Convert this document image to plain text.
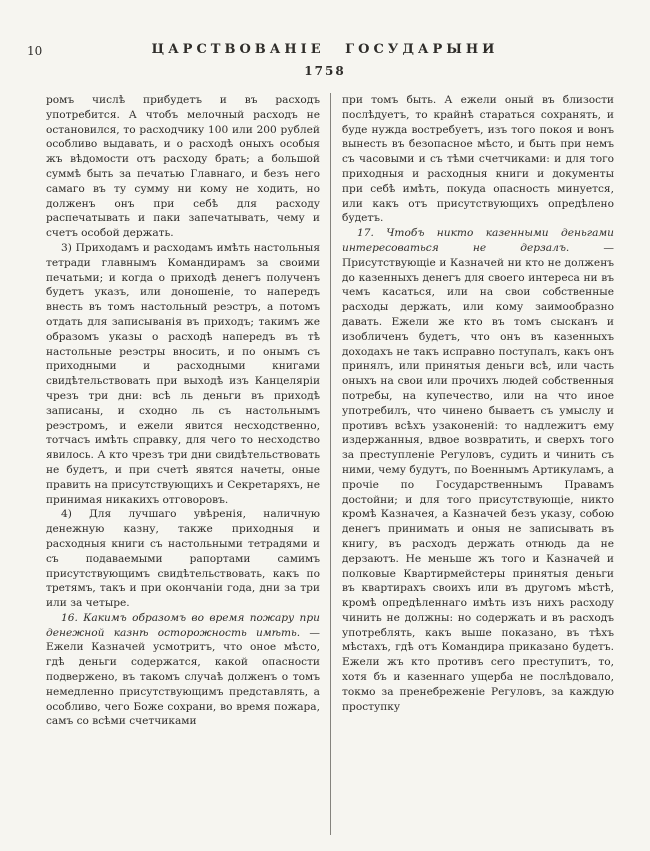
10	ЦАРСТВОВАНІЕ ГОСУДАРЫНИ
1758

ромъ числѣ прибудетъ и въ расходъ употребится. А чтобъ мелочный расходъ не остановился, то расходчику 100 или 200 рублей особливо выдавать, и о расходѣ оныхъ особыя жъ вѣдомости отъ расходу брать; а большой суммѣ быть за печатью Главнаго, и безъ него самаго въ ту сумму ни кому не ходить, но долженъ онъ при себѣ для расходу распечатывать и паки запечатывать, чему и счетъ особой держать.

3) Приходамъ и расходамъ имѣть настольныя тетради главнымъ Командирамъ за своими печатьми; и когда о приходѣ денегъ полученъ будетъ указъ, или доношеніе, то напередъ внесть въ томъ настольный реэстръ, а потомъ отдать для записыванія въ приходъ; такимъ же образомъ указы о расходѣ напередъ въ тѣ настольные реэстры вносить, и по онымъ съ приходными и расходными книгами свидѣтельствовать при выходѣ изъ Канцеляріи чрезъ три дни: всѣ ль деньги въ приходѣ записаны, и сходно ль съ настольнымъ реэстромъ, и ежели явится несходственно, тотчасъ имѣть справку, для чего то несходство явилось. А кто чрезъ три дни свидѣтельствовать не будетъ, и при счетѣ явятся начеты, оные править на присутствующихъ и Секретаряхъ, не принимая никакихъ отговоровъ.

4) Для лучшаго увѣренія, наличную денежную казну, также приходныя и расходныя книги съ настольными тетрадями и съ подаваемыми рапортами самимъ присутствующимъ свидѣтельствовать, какъ по третямъ, такъ и при окончаніи года, дни за три или за четыре.

16. Какимъ образомъ во время пожару при денежной казнѣ осторожность имѣть. — Ежели Казначей усмотритъ, что оное мѣсто, гдѣ деньги содержатся, какой опасности подвержено, въ такомъ случаѣ долженъ о томъ немедленно присутствующимъ представлять, а особливо, чего Боже сохрани, во время пожара, самъ со всѣми счетчиками

при томъ быть. А ежели оный въ близости послѣдуетъ, то крайнѣ стараться сохранять, и буде нужда востребуетъ, изъ того покоя и вонъ вынесть въ безопасное мѣсто, и быть при немъ съ часовыми и съ тѣми счетчиками: и для того приходныя и расходныя книги и документы при себѣ имѣть, покуда опасность минуется, или какъ отъ присутствующихъ опредѣлено будетъ.

17. Чтобъ никто казенными деньгами интересоваться не дерзалъ. — Присутствующіе и Казначей ни кто не долженъ до казенныхъ денегъ для своего интереса ни въ чемъ касаться, или на свои собственные расходы держать, или кому заимообразно давать. Ежели же кто въ томъ сысканъ и изобличенъ будетъ, что онъ въ казенныхъ доходахъ не такъ исправно поступалъ, какъ онъ принялъ, или принятыя деньги всѣ, или часть оныхъ на свои или прочихъ людей собственныя потребы, на купечество, или на что иное употребилъ, что чинено бываетъ съ умыслу и противъ всѣхъ узаконеній: то надлежитъ ему издержанныя, вдвое возвратить, и сверхъ того за преступленіе Регуловъ, судить и чинить съ ними, чему будутъ, по Военнымъ Артикуламъ, а прочіе по Государственнымъ Правамъ достойни; и для того присутствующіе, никто кромѣ Казначея, а Казначей безъ указу, собою денегъ принимать и оныя не записывать въ книгу, въ расходъ держать отнюдь да не дерзаютъ. Не меньше жъ того и Казначей и полковые Квартирмейстеры принятыя деньги въ квартирахъ своихъ или въ другомъ мѣстѣ, кромѣ опредѣленнаго имѣть изъ нихъ расходу чинить не должны: но содержать и въ расходъ употреблять, какъ выше показано, въ тѣхъ мѣстахъ, гдѣ отъ Командира приказано будетъ. Ежели жъ кто противъ сего преступитъ, то, хотя бъ и казеннаго ущерба не послѣдовало, токмо за пренебреженіе Регуловъ, за каждую проступку
